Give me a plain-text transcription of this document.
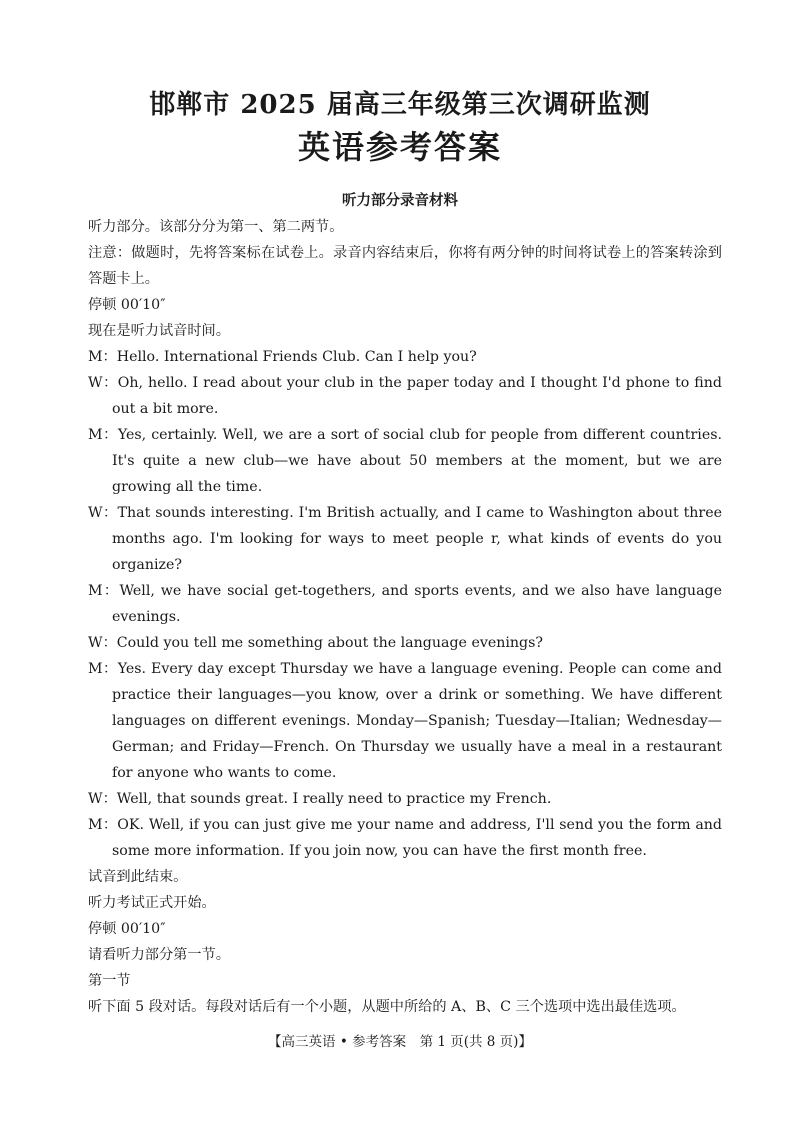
邯郸市 2025 届高三年级第三次调研监测
英语参考答案
听力部分录音材料

听力部分。该部分分为第一、第二两节。

注意：做题时，先将答案标在试卷上。录音内容结束后，你将有两分钟的时间将试卷上的答案转涂到答题卡上。

停顿 00′10″

现在是听力试音时间。

M：Hello. International Friends Club. Can I help you?

W：Oh, hello. I read about your club in the paper today and I thought I'd phone to find out a bit more.

M：Yes, certainly. Well, we are a sort of social club for people from different countries. It's quite a new club—we have about 50 members at the moment, but we are growing all the time.

W：That sounds interesting. I'm British actually, and I came to Washington about three months ago. I'm looking for ways to meet people r, what kinds of events do you organize?

M：Well, we have social get-togethers, and sports events, and we also have language evenings.

W：Could you tell me something about the language evenings?

M：Yes. Every day except Thursday we have a language evening. People can come and practice their languages—you know, over a drink or something. We have different languages on different evenings. Monday—Spanish; Tuesday—Italian; Wednesday—German; and Friday—French. On Thursday we usually have a meal in a restaurant for anyone who wants to come.

W：Well, that sounds great. I really need to practice my French.

M：OK. Well, if you can just give me your name and address, I'll send you the form and some more information. If you join now, you can have the first month free.

试音到此结束。

听力考试正式开始。

停顿 00′10″

请看听力部分第一节。

第一节

听下面 5 段对话。每段对话后有一个小题，从题中所给的 A、B、C 三个选项中选出最佳选项。

【高三英语 • 参考答案　第 1 页(共 8 页)】
